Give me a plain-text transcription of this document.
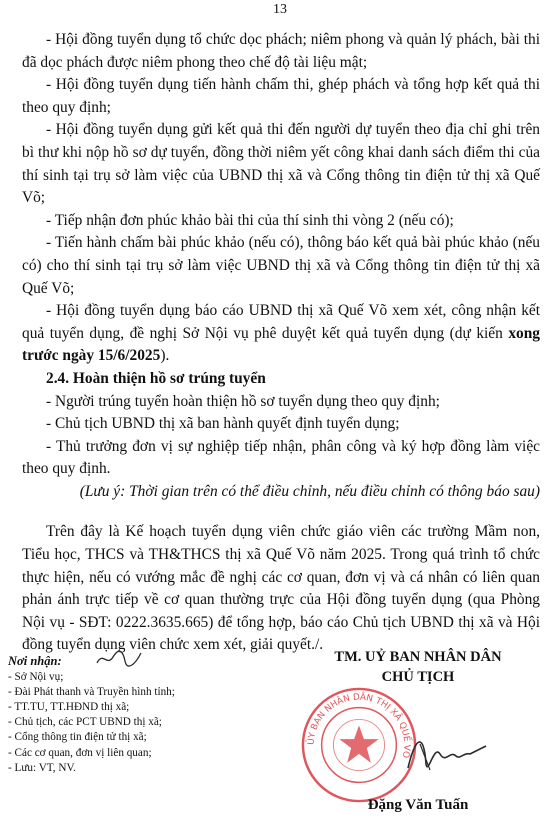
13

- Hội đồng tuyển dụng tổ chức dọc phách; niêm phong và quản lý phách, bài thi đã dọc phách được niêm phong theo chế độ tài liệu mật;

- Hội đồng tuyển dụng tiến hành chấm thi, ghép phách và tổng hợp kết quả thi theo quy định;

- Hội đồng tuyển dụng gửi kết quả thi đến người dự tuyển theo địa chỉ ghi trên bì thư khi nộp hồ sơ dự tuyển, đồng thời niêm yết công khai danh sách điểm thi của thí sinh tại trụ sở làm việc của UBND thị xã và Cổng thông tin điện tử thị xã Quế Võ;

- Tiếp nhận đơn phúc khảo bài thi của thí sinh thi vòng 2 (nếu có);

- Tiến hành chấm bài phúc khảo (nếu có), thông báo kết quả bài phúc khảo (nếu có) cho thí sinh tại trụ sở làm việc UBND thị xã và Cổng thông tin điện tử thị xã Quế Võ;

- Hội đồng tuyển dụng báo cáo UBND thị xã Quế Võ xem xét, công nhận kết quả tuyển dụng, đề nghị Sở Nội vụ phê duyệt kết quả tuyển dụng (dự kiến xong trước ngày 15/6/2025).

2.4. Hoàn thiện hồ sơ trúng tuyển

- Người trúng tuyển hoàn thiện hồ sơ tuyển dụng theo quy định;

- Chủ tịch UBND thị xã ban hành quyết định tuyển dụng;

- Thủ trưởng đơn vị sự nghiệp tiếp nhận, phân công và ký hợp đồng làm việc theo quy định.

(Lưu ý: Thời gian trên có thể điều chỉnh, nếu điều chỉnh có thông báo sau)

Trên đây là Kế hoạch tuyển dụng viên chức giáo viên các trường Mầm non, Tiểu học, THCS và TH&THCS thị xã Quế Võ năm 2025. Trong quá trình tổ chức thực hiện, nếu có vướng mắc đề nghị các cơ quan, đơn vị và cá nhân có liên quan phản ánh trực tiếp về cơ quan thường trực của Hội đồng tuyển dụng (qua Phòng Nội vụ - SĐT: 0222.3635.665) để tổng hợp, báo cáo Chủ tịch UBND thị xã và Hội đồng tuyển dụng viên chức xem xét, giải quyết./.

Nơi nhận:
- Sở Nội vụ;
- Đài Phát thanh và Truyền hình tỉnh;
- TT.TU, TT.HĐND thị xã;
- Chủ tịch, các PCT UBND thị xã;
- Cổng thông tin điện tử thị xã;
- Các cơ quan, đơn vị liên quan;
- Lưu: VT, NV.
TM. UỶ BAN NHÂN DÂN
CHỦ TỊCH
ỦY BAN NHÂN DÂN THỊ XÃ QUẾ VÕ
Đặng Văn Tuấn
